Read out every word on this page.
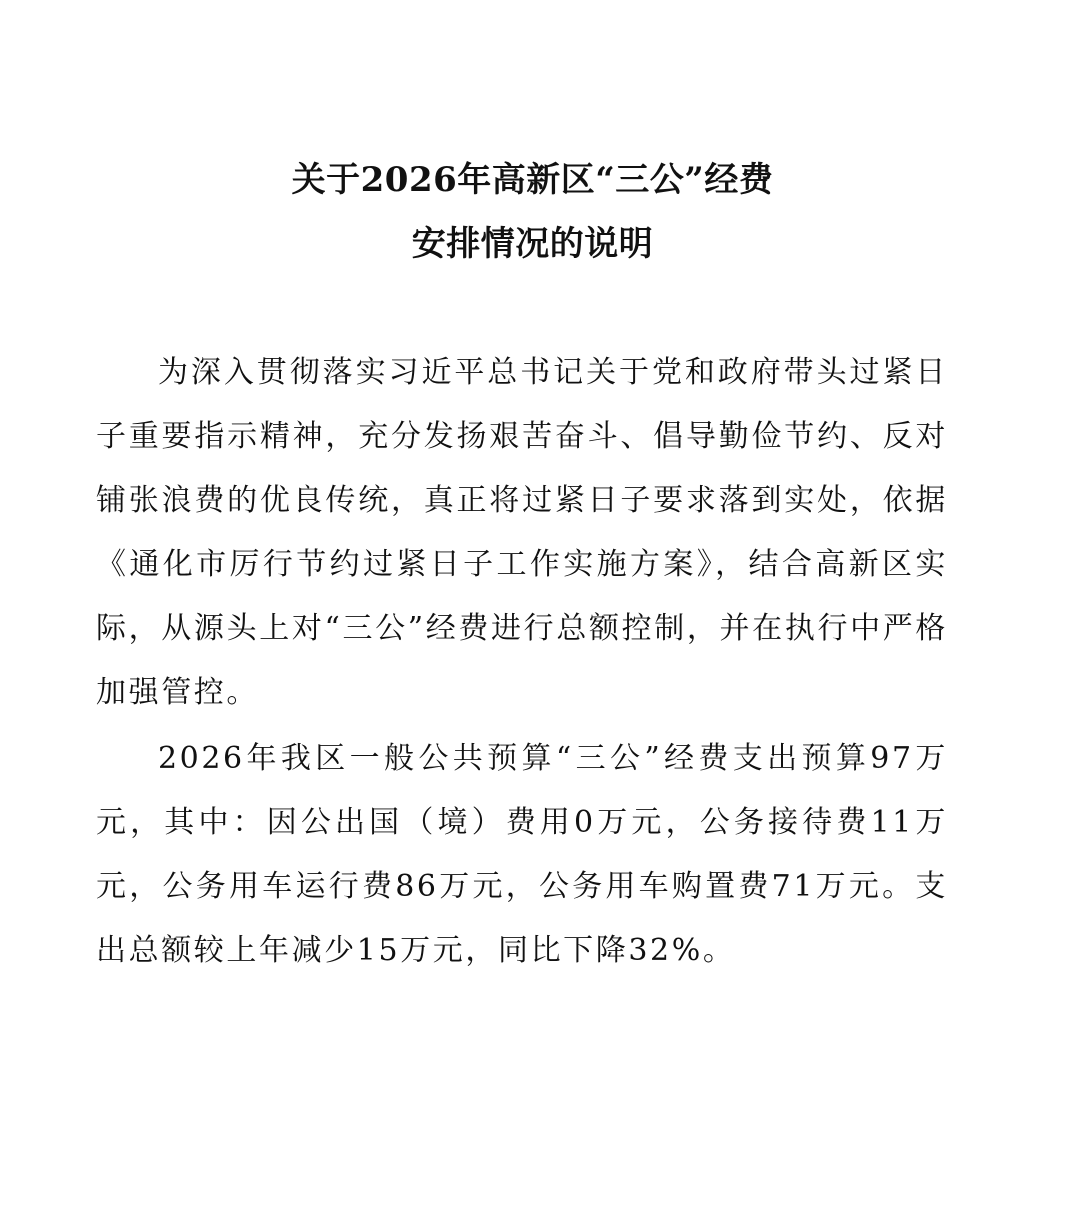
关于2026年高新区“三公”经费
安排情况的说明

为深入贯彻落实习近平总书记关于党和政府带头过紧日子重要指示精神，充分发扬艰苦奋斗、倡导勤俭节约、反对铺张浪费的优良传统，真正将过紧日子要求落到实处，依据《通化市厉行节约过紧日子工作实施方案》，结合高新区实际，从源头上对“三公”经费进行总额控制，并在执行中严格加强管控。

2026年我区一般公共预算“三公”经费支出预算97万元，其中：因公出国（境）费用0万元，公务接待费11万元，公务用车运行费86万元，公务用车购置费71万元。支出总额较上年减少15万元，同比下降32%。
